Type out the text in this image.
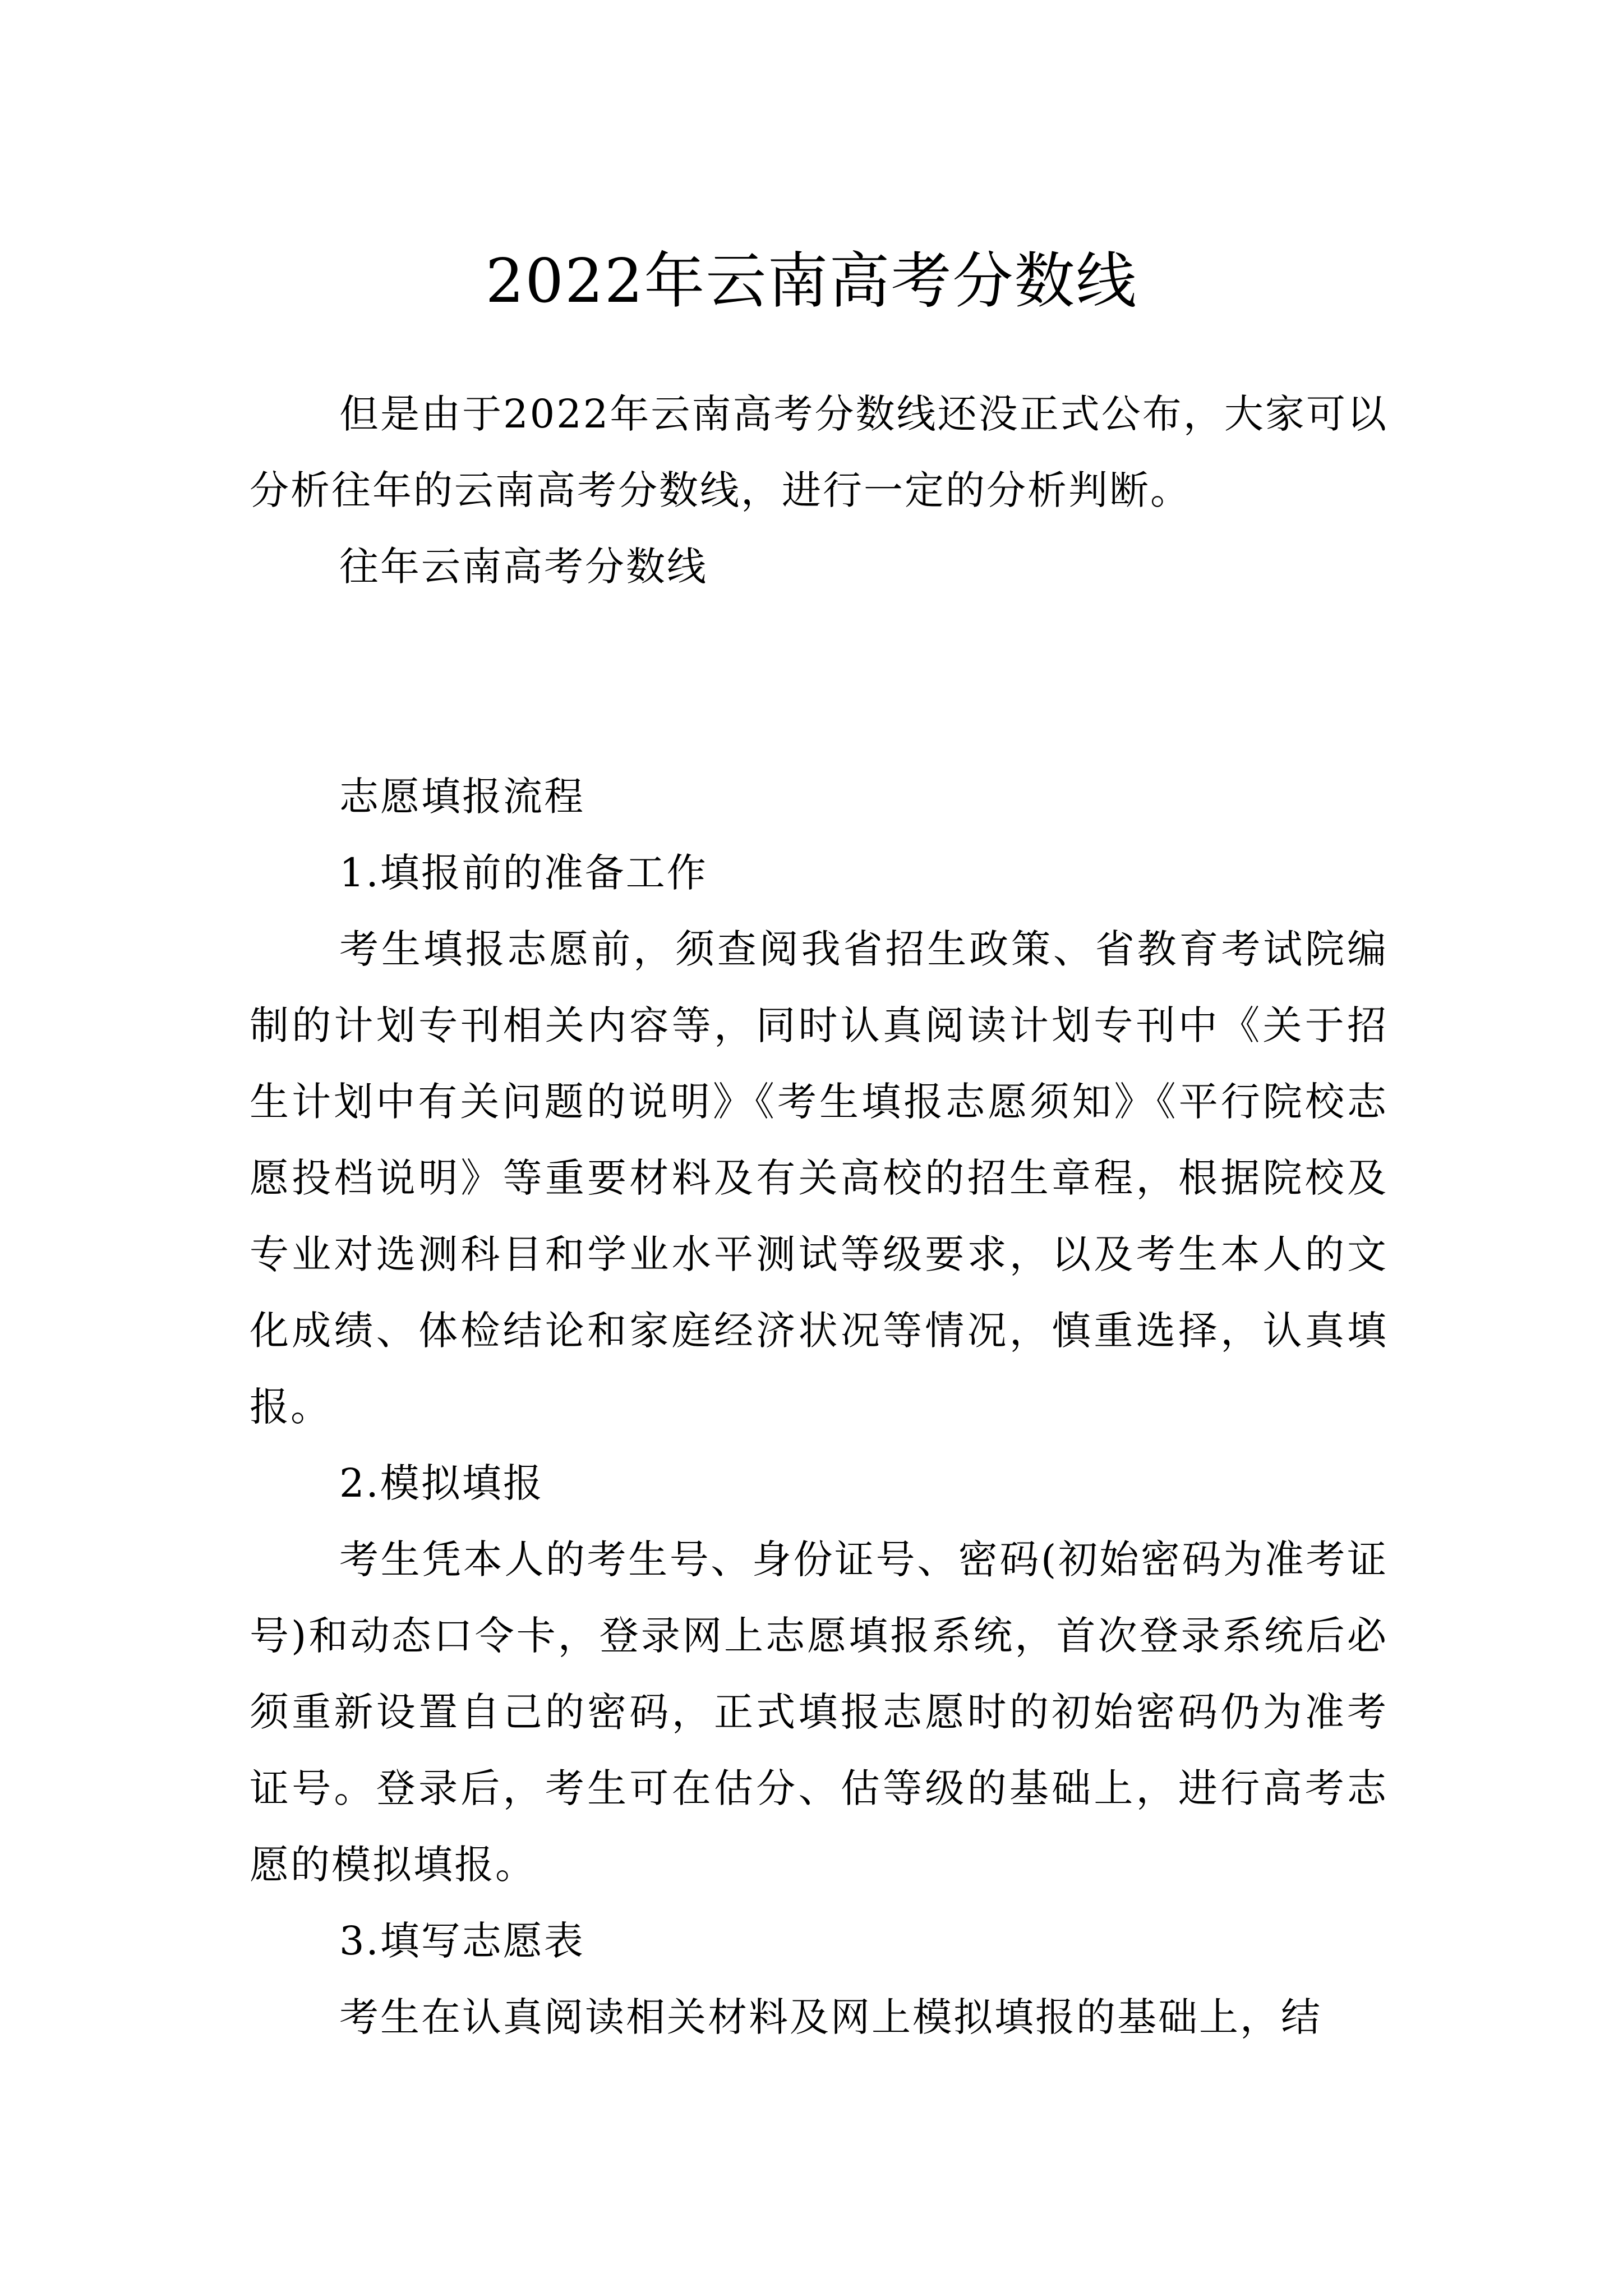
2022年云南高考分数线

但是由于2022年云南高考分数线还没正式公布，大家可以分析往年的云南高考分数线，进行一定的分析判断。

往年云南高考分数线

志愿填报流程

1.填报前的准备工作

考生填报志愿前，须查阅我省招生政策、省教育考试院编制的计划专刊相关内容等，同时认真阅读计划专刊中《关于招生计划中有关问题的说明》《考生填报志愿须知》《平行院校志愿投档说明》等重要材料及有关高校的招生章程，根据院校及专业对选测科目和学业水平测试等级要求，以及考生本人的文化成绩、体检结论和家庭经济状况等情况，慎重选择，认真填报。

2.模拟填报

考生凭本人的考生号、身份证号、密码(初始密码为准考证号)和动态口令卡，登录网上志愿填报系统，首次登录系统后必须重新设置自己的密码，正式填报志愿时的初始密码仍为准考证号。登录后，考生可在估分、估等级的基础上，进行高考志愿的模拟填报。

3.填写志愿表

考生在认真阅读相关材料及网上模拟填报的基础上，结
